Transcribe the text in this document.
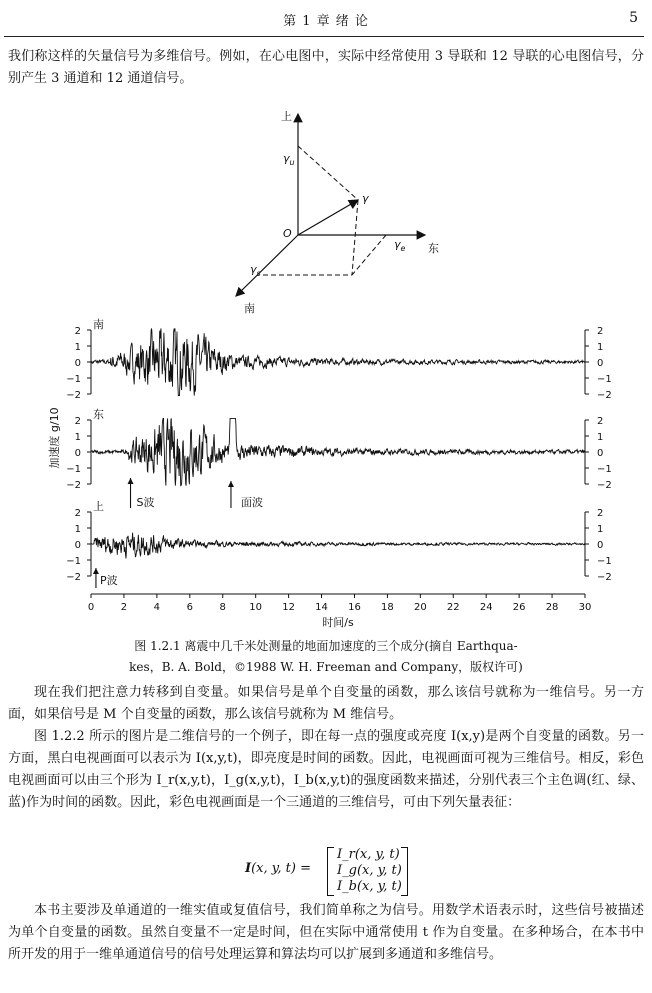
第 1 章 绪 论	5

我们称这样的矢量信号为多维信号。例如，在心电图中，实际中经常使用 3 导联和 12 导联的心电图信号，分别产生 3 通道和 12 通道信号。

上
东
南
O
γ
$\gamma_u$
$\gamma_e$
$\gamma_s$
2	2
1	1
0	0
−1	−1
−2	−2
南
2	2
1	1
0	0
−1	−1
−2	−2
东
2	2
1	1
0	0
−1	−1
−2	−2
上	S波	面波
P波
0	2	4	6	8 10 12 14 16 18 20 22 24 26 28 30
时间/s
加速度 g/10
图 1.2.1 离震中几千米处测量的地面加速度的三个成分(摘自 Earthqua-
kes，B. A. Bold，©1988 W. H. Freeman and Company，版权许可)

现在我们把注意力转移到自变量。如果信号是单个自变量的函数，那么该信号就称为一维信号。另一方面，如果信号是 M 个自变量的函数，那么该信号就称为 M 维信号。

图 1.2.2 所示的图片是二维信号的一个例子，即在每一点的强度或亮度 I(x,y)是两个自变量的函数。另一方面，黑白电视画面可以表示为 I(x,y,t)，即亮度是时间的函数。因此，电视画面可视为三维信号。相反，彩色电视画面可以由三个形为 I_r(x,y,t)，I_g(x,y,t)，I_b(x,y,t)的强度函数来描述，分别代表三个主色调(红、绿、蓝)作为时间的函数。因此，彩色电视画面是一个三通道的三维信号，可由下列矢量表征：

I(x, y, t) =
I_r(x, y, t)
I_g(x, y, t)
I_b(x, y, t)

本书主要涉及单通道的一维实值或复值信号，我们简单称之为信号。用数学术语表示时，这些信号被描述为单个自变量的函数。虽然自变量不一定是时间，但在实际中通常使用 t 作为自变量。在多种场合，在本书中所开发的用于一维单通道信号的信号处理运算和算法均可以扩展到多通道和多维信号。
